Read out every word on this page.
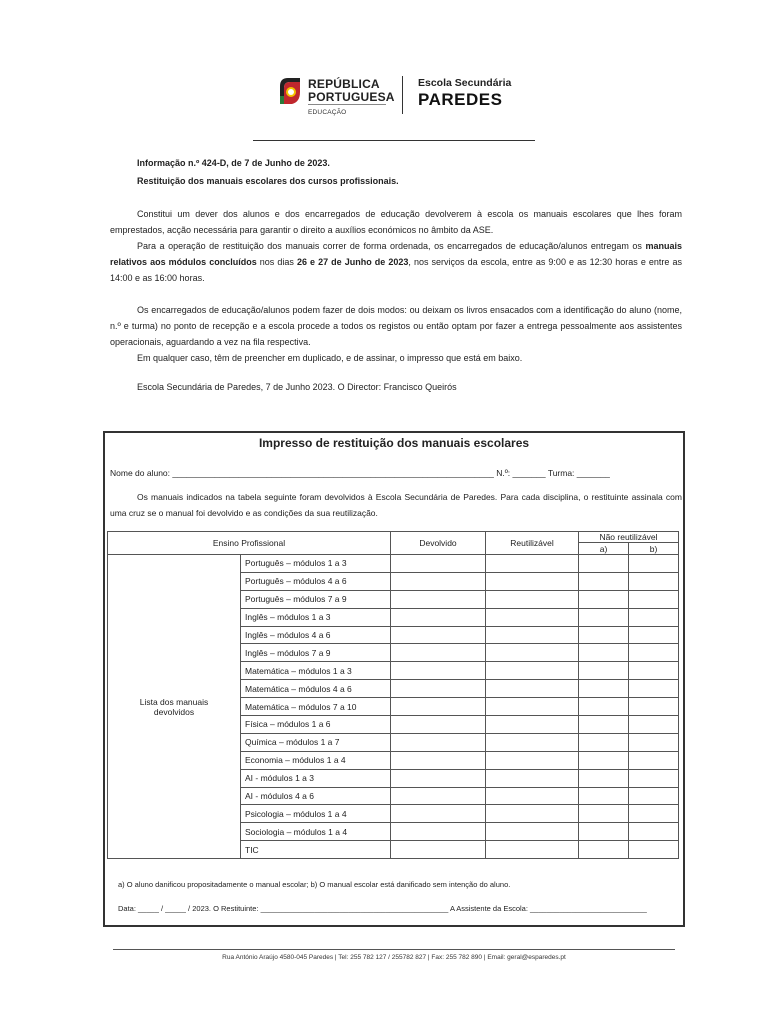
REPÚBLICA
PORTUGUESA
EDUCAÇÃO
Escola Secundária
PAREDES
Informação n.º 424-D, de 7 de Junho de 2023.
Restituição dos manuais escolares dos cursos profissionais.
Constitui um dever dos alunos e dos encarregados de educação devolverem à escola os manuais escolares que lhes foram emprestados, acção necessária para garantir o direito a auxílios económicos no âmbito da ASE.
Para a operação de restituição dos manuais correr de forma ordenada, os encarregados de educação/alunos entregam os manuais relativos aos módulos concluídos nos dias 26 e 27 de Junho de 2023, nos serviços da escola, entre as 9:00 e as 12:30 horas e entre as 14:00 e as 16:00 horas.
Os encarregados de educação/alunos podem fazer de dois modos: ou deixam os livros ensacados com a identificação do aluno (nome, n.º e turma) no ponto de recepção e a escola procede a todos os registos ou então optam por fazer a entrega pessoalmente aos assistentes operacionais, aguardando a vez na fila respectiva.
Em qualquer caso, têm de preencher em duplicado, e de assinar, o impresso que está em baixo.
Escola Secundária de Paredes, 7 de Junho 2023. O Director: Francisco Queirós
Impresso de restituição dos manuais escolares
Nome do aluno: ____________________________________________________________________ N.º: _______ Turma: _______
Os manuais indicados na tabela seguinte foram devolvidos à Escola Secundária de Paredes. Para cada disciplina, o restituinte assinala com uma cruz se o manual foi devolvido e as condições da sua reutilização.
Ensino Profissional		Devolvido	Reutilizável	Não reutilizável	
				a)	b)
Lista dos manuais devolvidos	Português – módulos 1 a 3				
	Português – módulos 4 a 6				
	Português – módulos 7 a 9				
	Inglês – módulos 1 a 3				
	Inglês – módulos 4 a 6				
	Inglês – módulos 7 a 9				
	Matemática – módulos 1 a 3				
	Matemática – módulos 4 a 6				
	Matemática – módulos 7 a 10				
	Física – módulos 1 a 6				
	Química – módulos 1 a 7				
	Economia – módulos 1 a 4				
	AI - módulos 1 a 3				
	AI - módulos 4 a 6				
	Psicologia – módulos 1 a 4				
	Sociologia – módulos 1 a 4				
	TIC				
a) O aluno danificou propositadamente o manual escolar; b) O manual escolar está danificado sem intenção do aluno.
Data: _____ / _____ / 2023. O Restituinte: _____________________________________________ A Assistente da Escola: ____________________________
Rua António Araújo 4580-045 Paredes | Tel: 255 782 127 / 255782 827 | Fax: 255 782 890 | Email: geral@esparedes.pt
